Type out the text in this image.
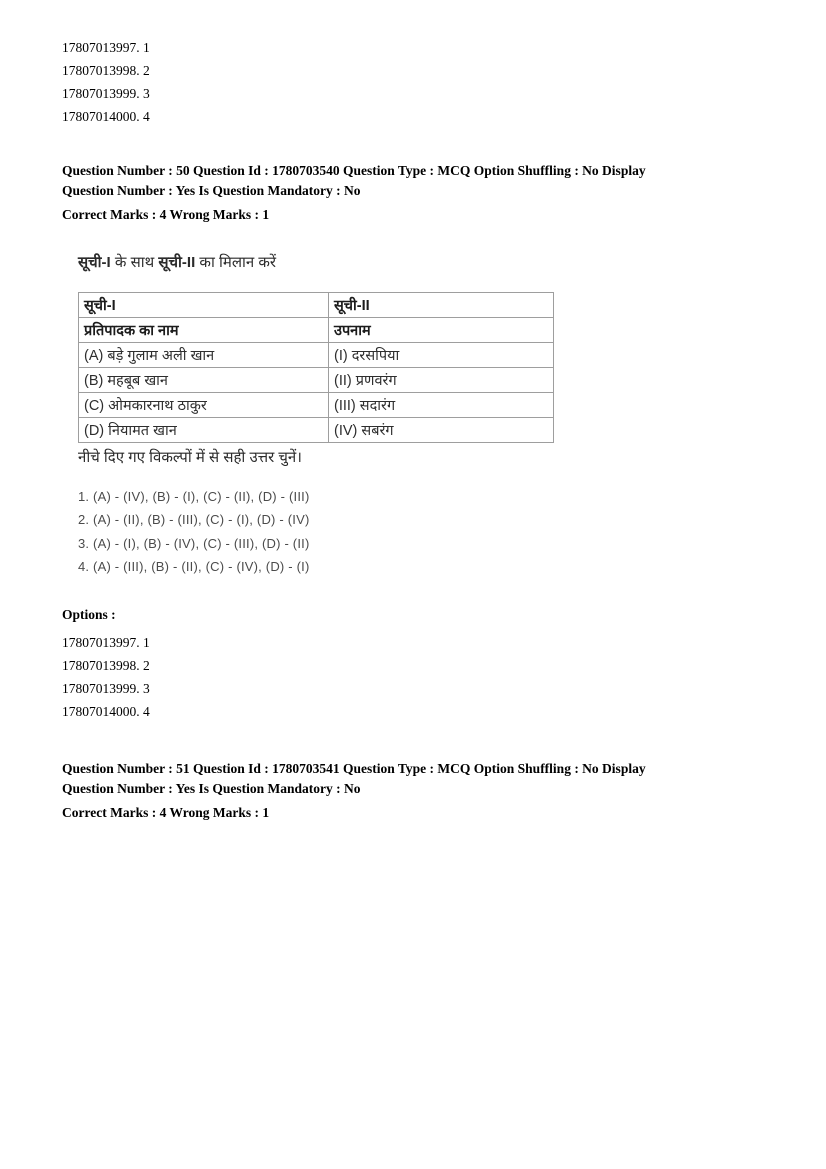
17807013997. 1
17807013998. 2
17807013999. 3
17807014000. 4
Question Number : 50 Question Id : 1780703540 Question Type : MCQ Option Shuffling : No Display
Question Number : Yes Is Question Mandatory : No
Correct Marks : 4 Wrong Marks : 1
सूची-I के साथ सूची-II का मिलान करें
सूची-I	सूची-II
प्रतिपादक का नाम	उपनाम
(A) बड़े गुलाम अली खान	(I) दरसपिया
(B) महबूब खान	(II) प्रणवरंग
(C) ओमकारनाथ ठाकुर	(III) सदारंग
(D) नियामत खान	(IV) सबरंग
नीचे दिए गए विकल्पों में से सही उत्तर चुनें।
1. (A) - (IV), (B) - (I), (C) - (II), (D) - (III)
2. (A) - (II), (B) - (III), (C) - (I), (D) - (IV)
3. (A) - (I), (B) - (IV), (C) - (III), (D) - (II)
4. (A) - (III), (B) - (II), (C) - (IV), (D) - (I)
Options :
17807013997. 1
17807013998. 2
17807013999. 3
17807014000. 4
Question Number : 51 Question Id : 1780703541 Question Type : MCQ Option Shuffling : No Display
Question Number : Yes Is Question Mandatory : No
Correct Marks : 4 Wrong Marks : 1
